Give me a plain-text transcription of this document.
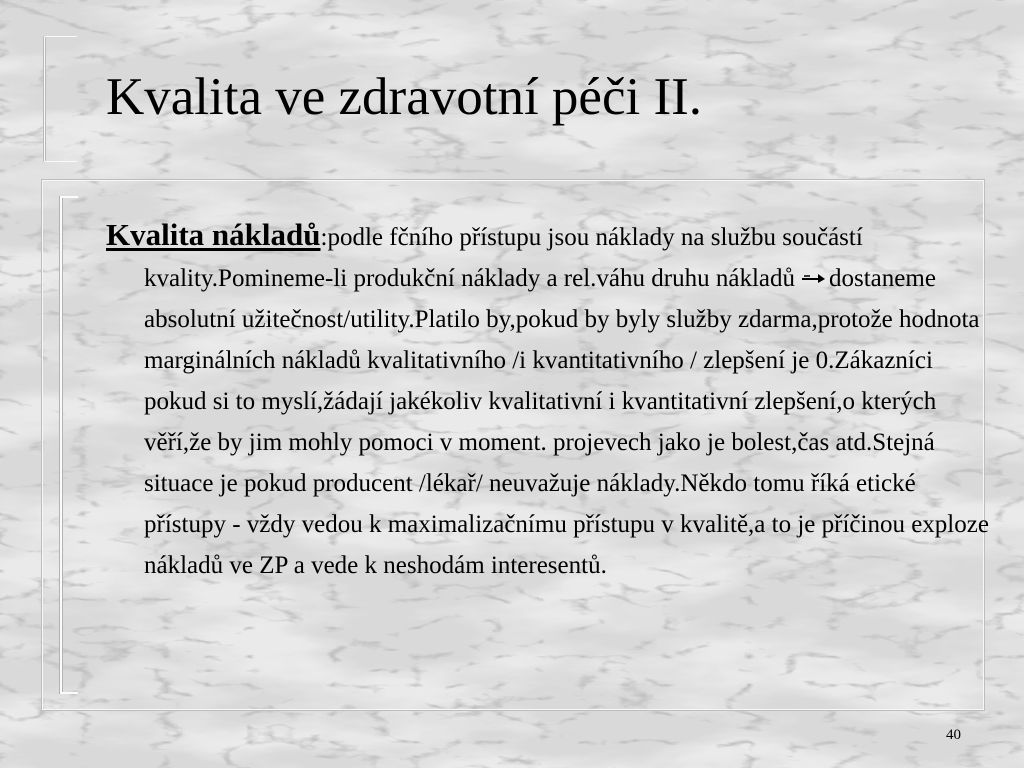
Kvalita ve zdravotní péči II.

Kvalita nákladů:podle fčního přístupu jsou náklady na službu součástí kvality.Pomineme-li produkční náklady a rel.váhu druhu nákladů dostaneme absolutní užitečnost/utility.Platilo by,pokud by byly služby zdarma,protože hodnota marginálních nákladů kvalitativního /i kvantitativního / zlepšení je 0.Zákazníci pokud si to myslí,žádají jakékoliv kvalitativní i kvantitativní zlepšení,o kterých věří,že by jim mohly pomoci v moment. projevech jako je bolest,čas atd.Stejná situace je pokud producent /lékař/ neuvažuje náklady.Někdo tomu říká etické přístupy - vždy vedou k maximalizačnímu přístupu v kvalitě,a to je příčinou exploze nákladů ve ZP a vede k neshodám interesentů.

40
